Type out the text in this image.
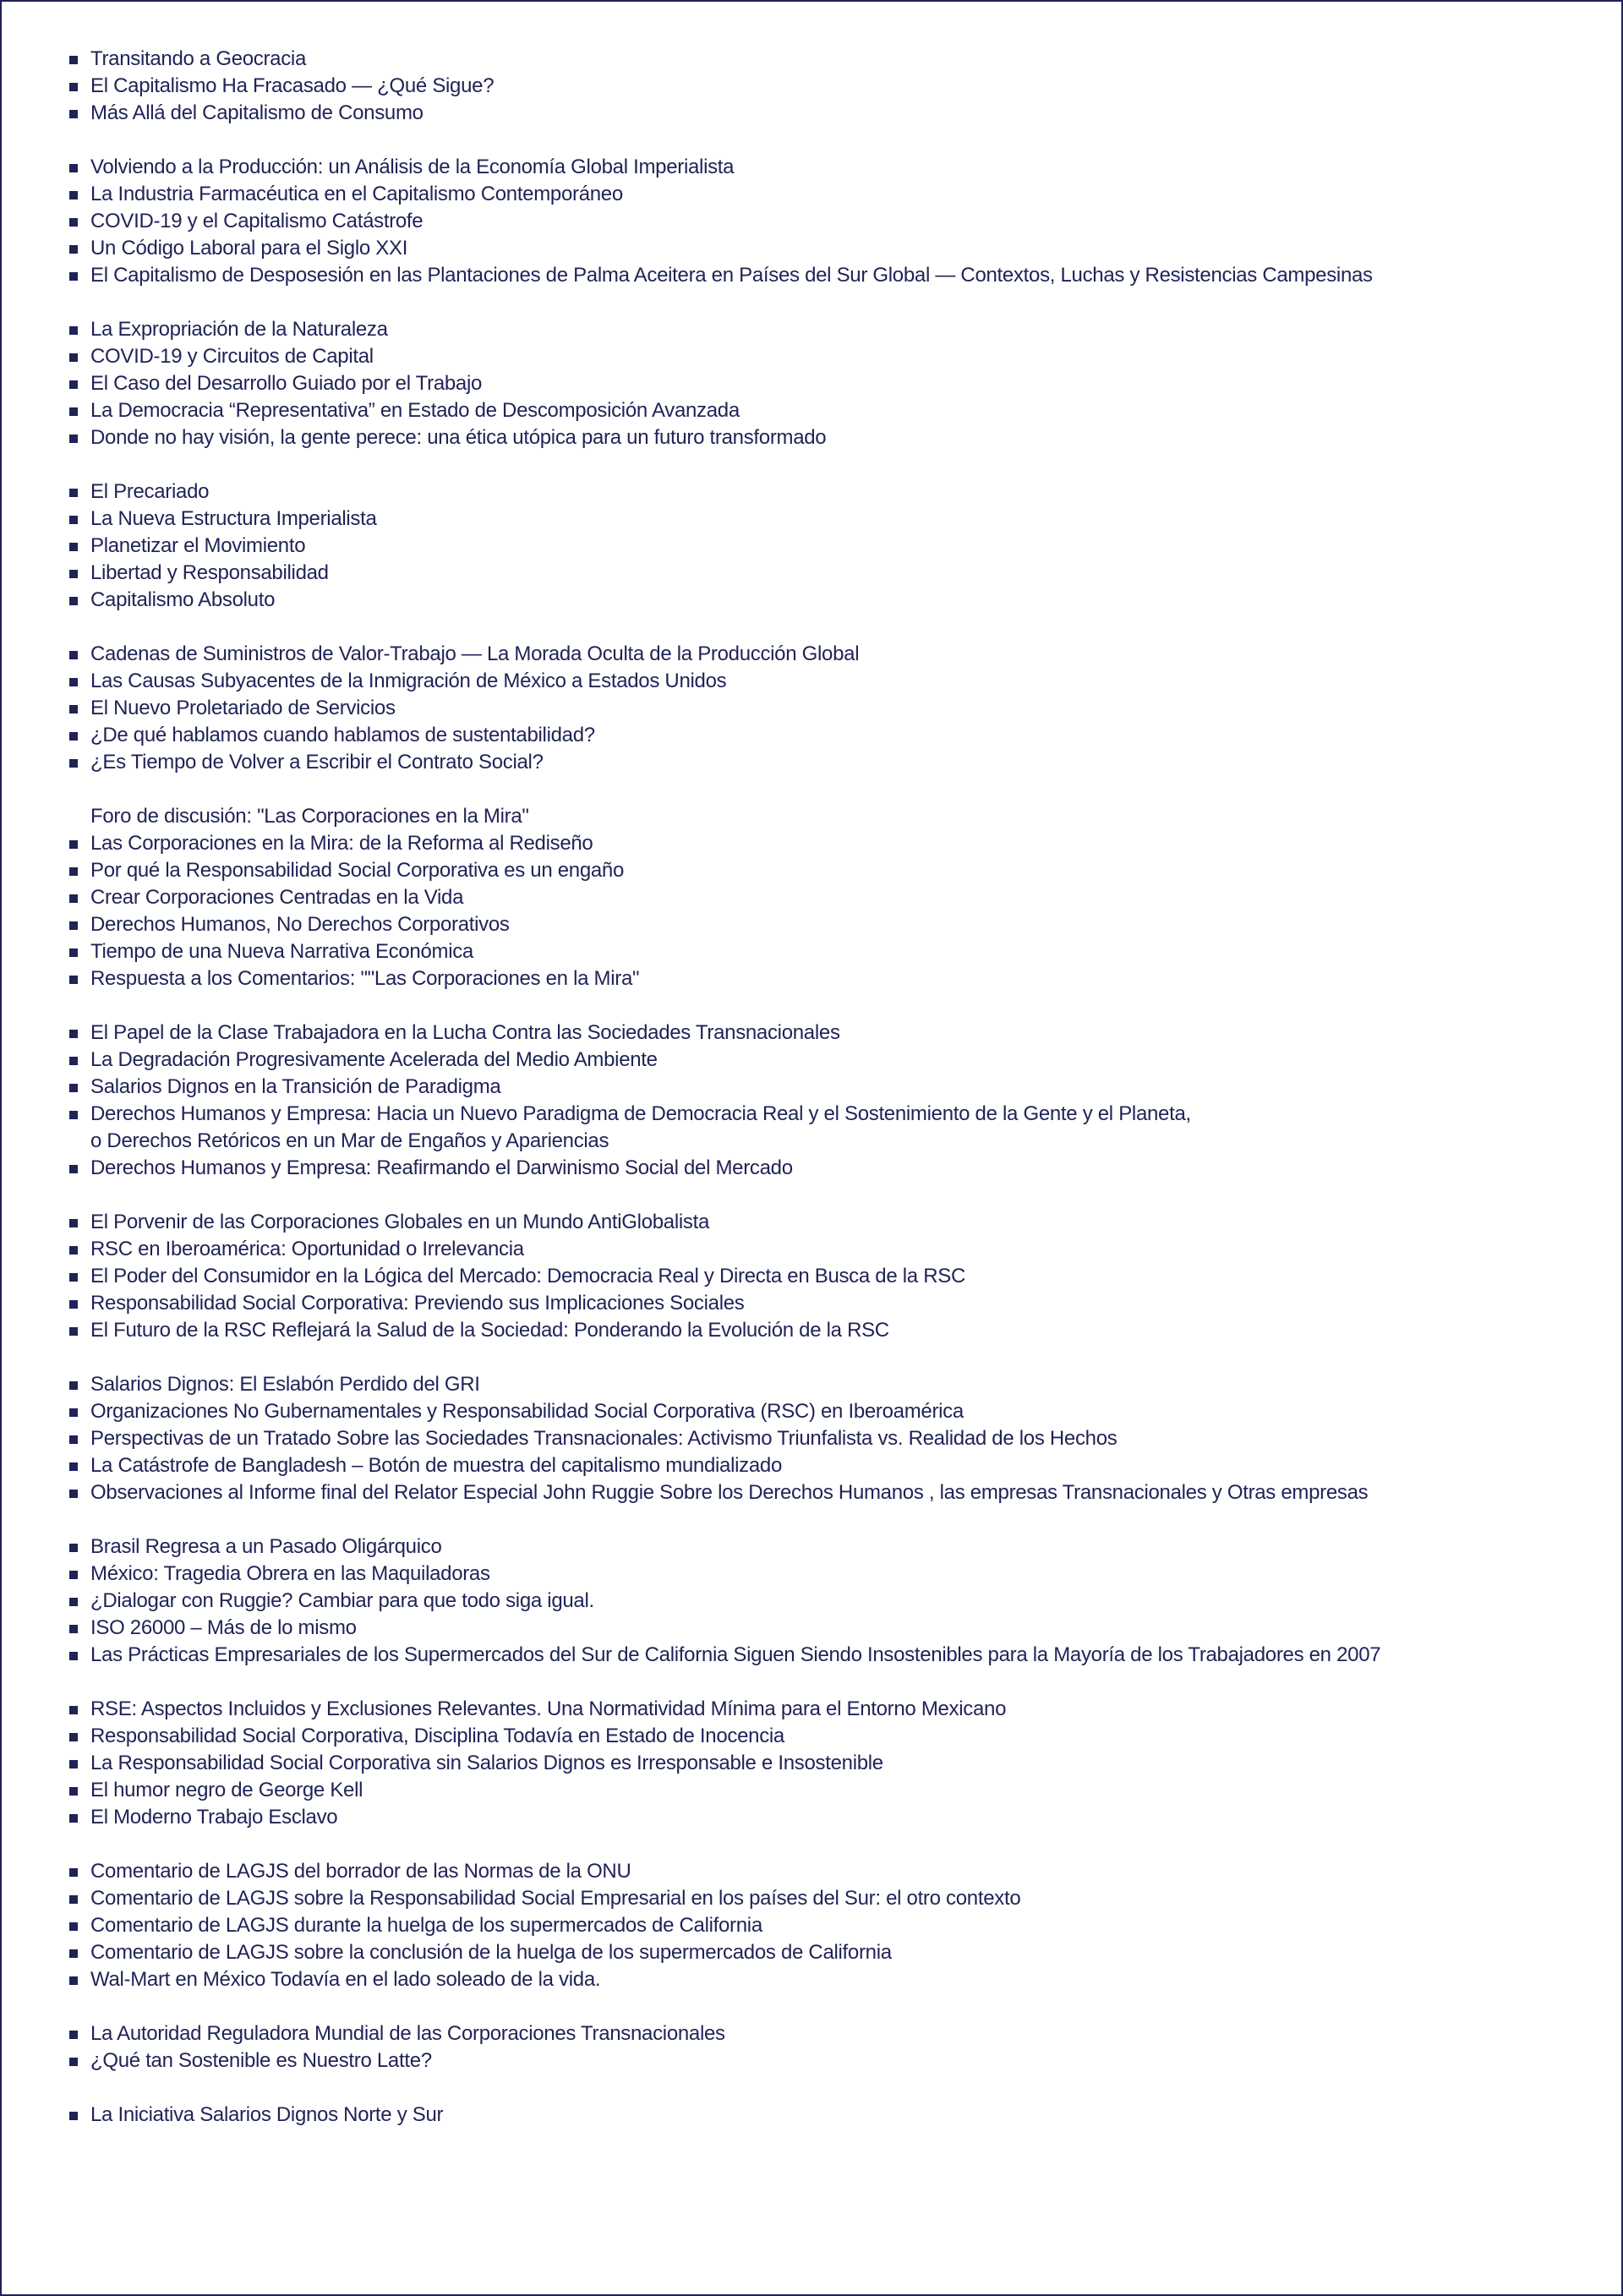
Transitando a Geocracia
El Capitalismo Ha Fracasado — ¿Qué Sigue?
Más Allá del Capitalismo de Consumo
Volviendo a la Producción: un Análisis de la Economía Global Imperialista
La Industria Farmacéutica en el Capitalismo Contemporáneo
COVID-19 y el Capitalismo Catástrofe
Un Código Laboral para el Siglo XXI
El Capitalismo de Desposesión en las Plantaciones de Palma Aceitera en Países del Sur Global — Contextos, Luchas y Resistencias Campesinas
La Expropriación de la Naturaleza
COVID-19 y Circuitos de Capital
El Caso del Desarrollo Guiado por el Trabajo
La Democracia “Representativa” en Estado de Descomposición Avanzada
Donde no hay visión, la gente perece: una ética utópica para un futuro transformado
El Precariado
La Nueva Estructura Imperialista
Planetizar el Movimiento
Libertad y Responsabilidad
Capitalismo Absoluto
Cadenas de Suministros de Valor-Trabajo — La Morada Oculta de la Producción Global
Las Causas Subyacentes de la Inmigración de México a Estados Unidos
El Nuevo Proletariado de Servicios
¿De qué hablamos cuando hablamos de sustentabilidad?
¿Es Tiempo de Volver a Escribir el Contrato Social?
Foro de discusión: "Las Corporaciones en la Mira"
Las Corporaciones en la Mira: de la Reforma al Rediseño
Por qué la Responsabilidad Social Corporativa es un engaño
Crear Corporaciones Centradas en la Vida
Derechos Humanos, No Derechos Corporativos
Tiempo de una Nueva Narrativa Económica
Respuesta a los Comentarios: ""Las Corporaciones en la Mira"
El Papel de la Clase Trabajadora en la Lucha Contra las Sociedades Transnacionales
La Degradación Progresivamente Acelerada del Medio Ambiente
Salarios Dignos en la Transición de Paradigma
Derechos Humanos y Empresa: Hacia un Nuevo Paradigma de Democracia Real y el Sostenimiento de la Gente y el Planeta,
o Derechos Retóricos en un Mar de Engaños y Apariencias
Derechos Humanos y Empresa: Reafirmando el Darwinismo Social del Mercado
El Porvenir de las Corporaciones Globales en un Mundo AntiGlobalista
RSC en Iberoamérica: Oportunidad o Irrelevancia
El Poder del Consumidor en la Lógica del Mercado: Democracia Real y Directa en Busca de la RSC
Responsabilidad Social Corporativa: Previendo sus Implicaciones Sociales
El Futuro de la RSC Reflejará la Salud de la Sociedad: Ponderando la Evolución de la RSC
Salarios Dignos: El Eslabón Perdido del GRI
Organizaciones No Gubernamentales y Responsabilidad Social Corporativa (RSC) en Iberoamérica
Perspectivas de un Tratado Sobre las Sociedades Transnacionales: Activismo Triunfalista vs. Realidad de los Hechos
La Catástrofe de Bangladesh – Botón de muestra del capitalismo mundializado
Observaciones al Informe final del Relator Especial John Ruggie Sobre los Derechos Humanos , las empresas Transnacionales y Otras empresas
Brasil Regresa a un Pasado Oligárquico
México: Tragedia Obrera en las Maquiladoras
¿Dialogar con Ruggie? Cambiar para que todo siga igual.
ISO 26000 – Más de lo mismo
Las Prácticas Empresariales de los Supermercados del Sur de California Siguen Siendo Insostenibles para la Mayoría de los Trabajadores en 2007
RSE: Aspectos Incluidos y Exclusiones Relevantes. Una Normatividad Mínima para el Entorno Mexicano
Responsabilidad Social Corporativa, Disciplina Todavía en Estado de Inocencia
La Responsabilidad Social Corporativa sin Salarios Dignos es Irresponsable e Insostenible
El humor negro de George Kell
El Moderno Trabajo Esclavo
Comentario de LAGJS del borrador de las Normas de la ONU
Comentario de LAGJS sobre la Responsabilidad Social Empresarial en los países del Sur: el otro contexto
Comentario de LAGJS durante la huelga de los supermercados de California
Comentario de LAGJS sobre la conclusión de la huelga de los supermercados de California
Wal-Mart en México Todavía en el lado soleado de la vida.
La Autoridad Reguladora Mundial de las Corporaciones Transnacionales
¿Qué tan Sostenible es Nuestro Latte?
La Iniciativa Salarios Dignos Norte y Sur
